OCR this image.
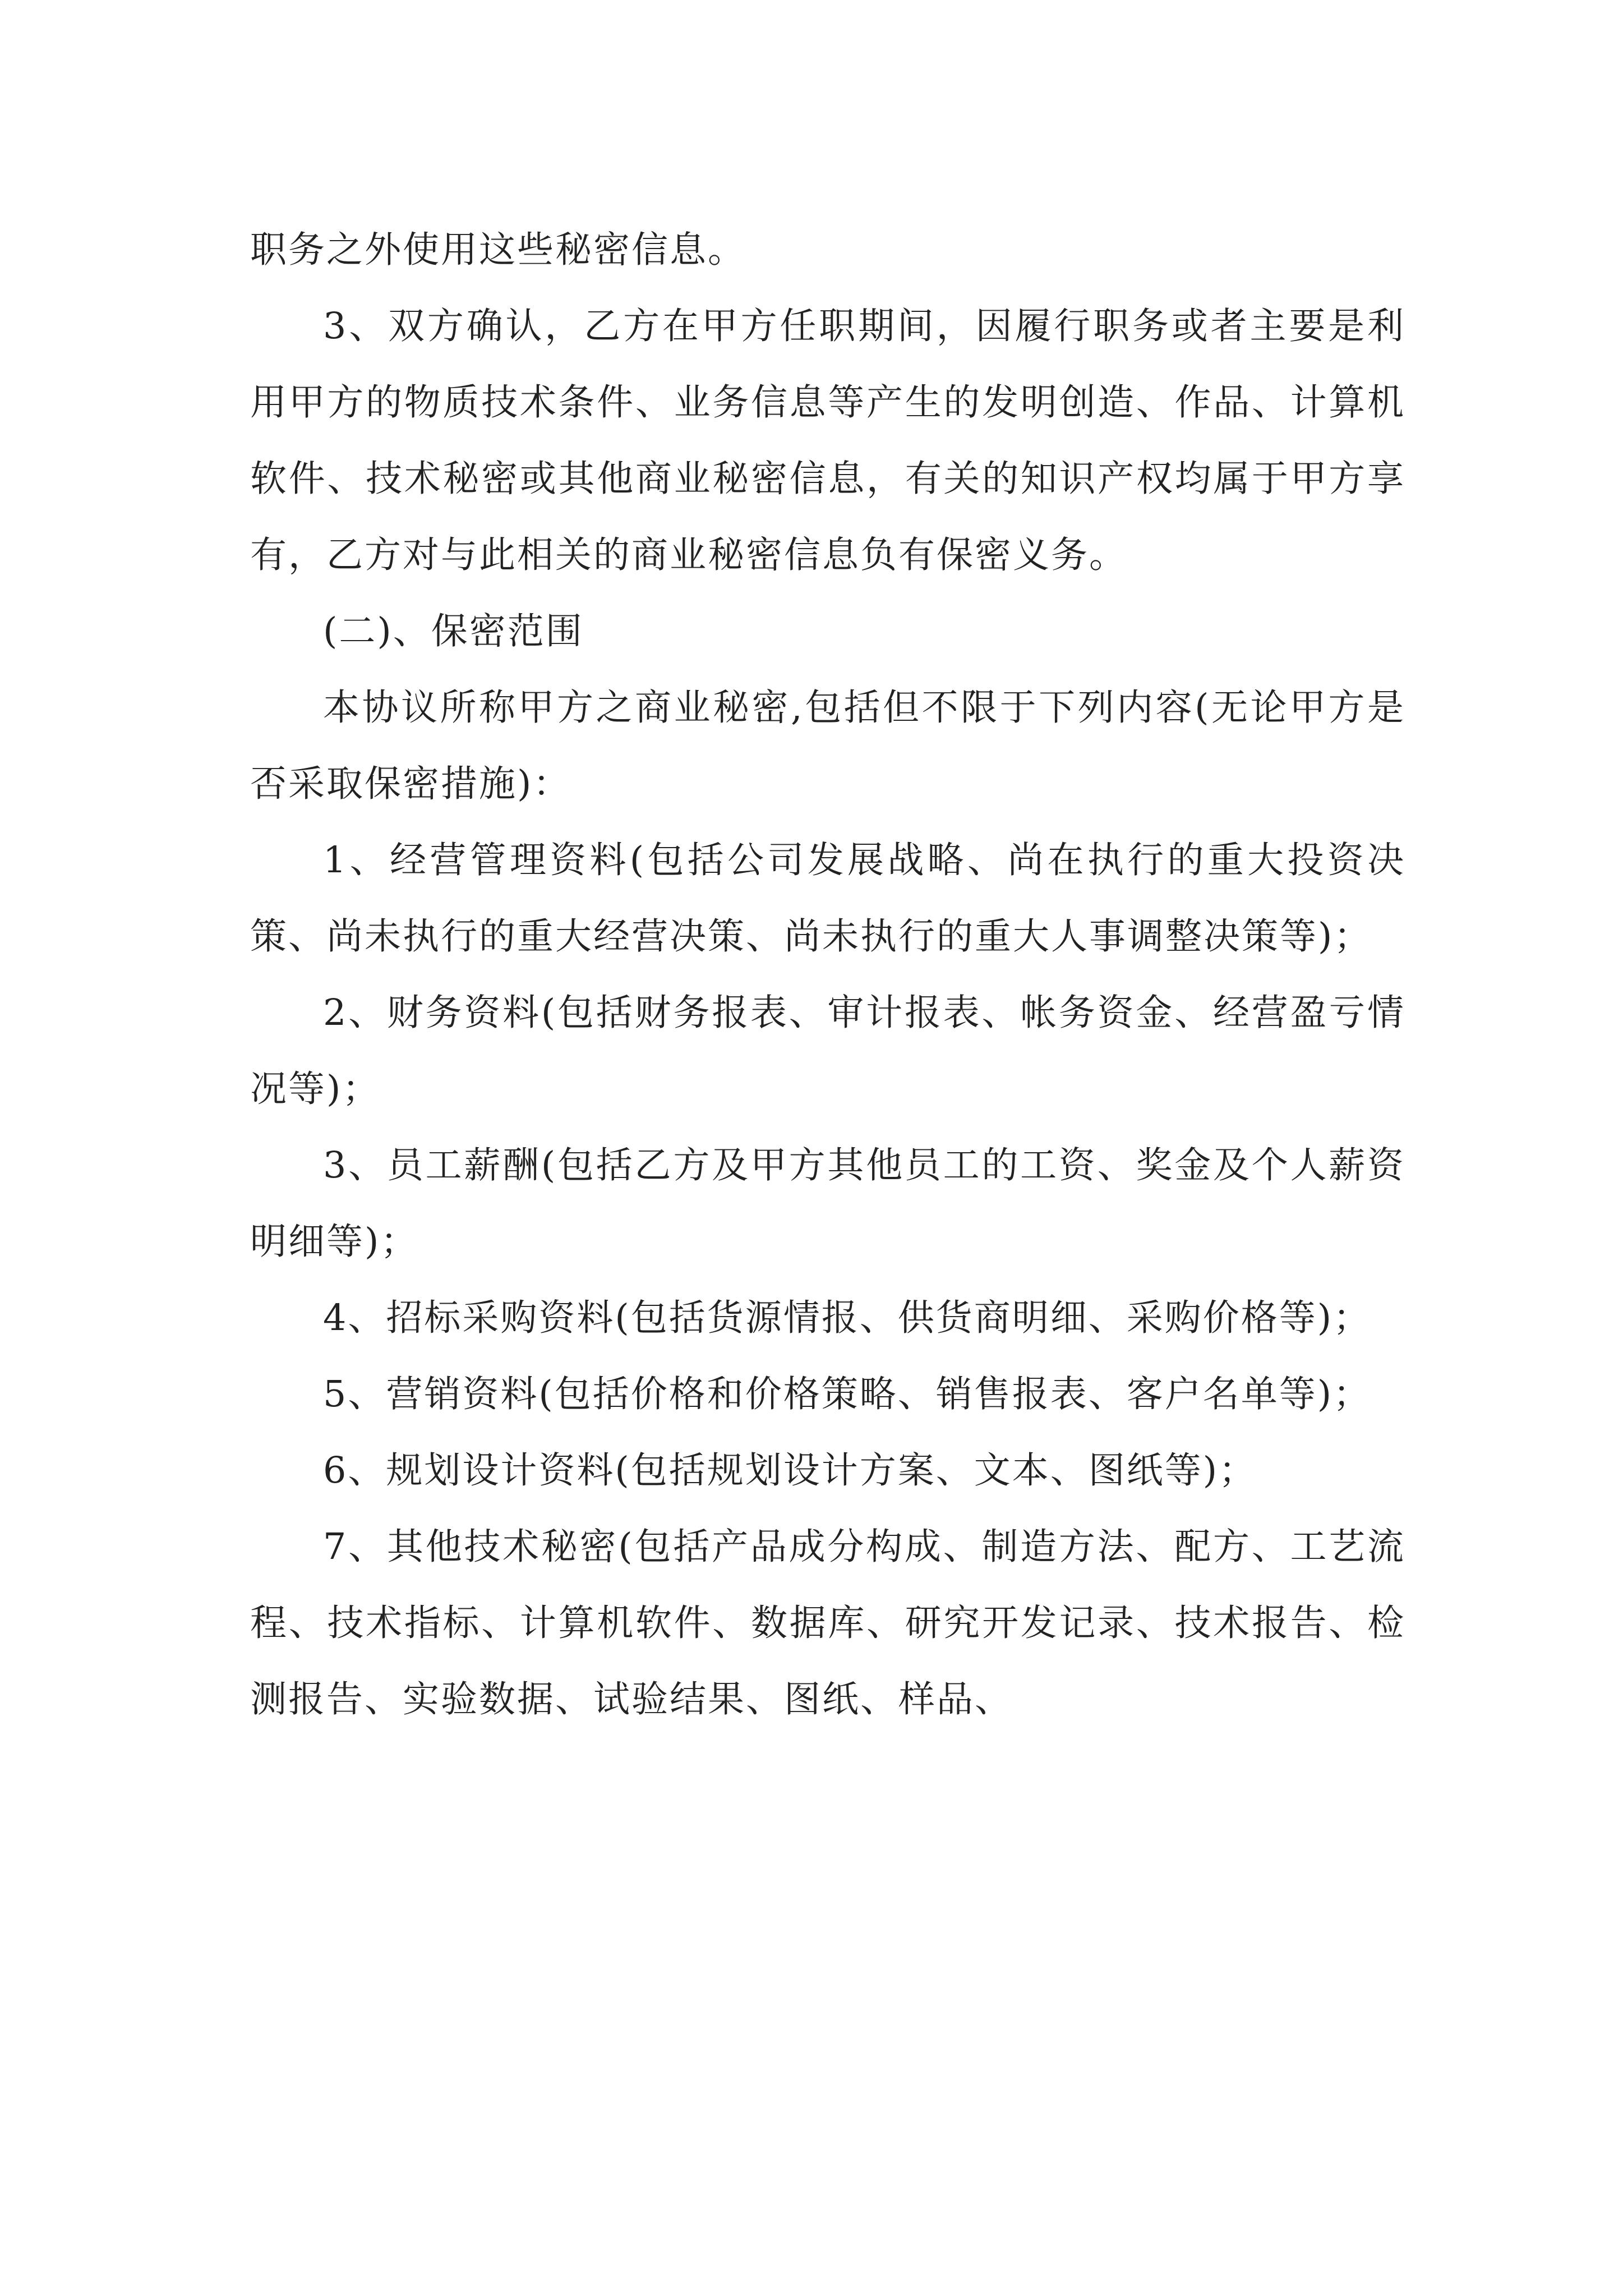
职务之外使用这些秘密信息。

3、双方确认，乙方在甲方任职期间，因履行职务或者主要是利用甲方的物质技术条件、业务信息等产生的发明创造、作品、计算机软件、技术秘密或其他商业秘密信息，有关的知识产权均属于甲方享有，乙方对与此相关的商业秘密信息负有保密义务。

(二)、保密范围

本协议所称甲方之商业秘密,包括但不限于下列内容(无论甲方是否采取保密措施)：

1、经营管理资料(包括公司发展战略、尚在执行的重大投资决策、尚未执行的重大经营决策、尚未执行的重大人事调整决策等)；

2、财务资料(包括财务报表、审计报表、帐务资金、经营盈亏情况等)；

3、员工薪酬(包括乙方及甲方其他员工的工资、奖金及个人薪资明细等)；

4、招标采购资料(包括货源情报、供货商明细、采购价格等)；

5、营销资料(包括价格和价格策略、销售报表、客户名单等)；

6、规划设计资料(包括规划设计方案、文本、图纸等)；

7、其他技术秘密(包括产品成分构成、制造方法、配方、工艺流程、技术指标、计算机软件、数据库、研究开发记录、技术报告、检测报告、实验数据、试验结果、图纸、样品、
